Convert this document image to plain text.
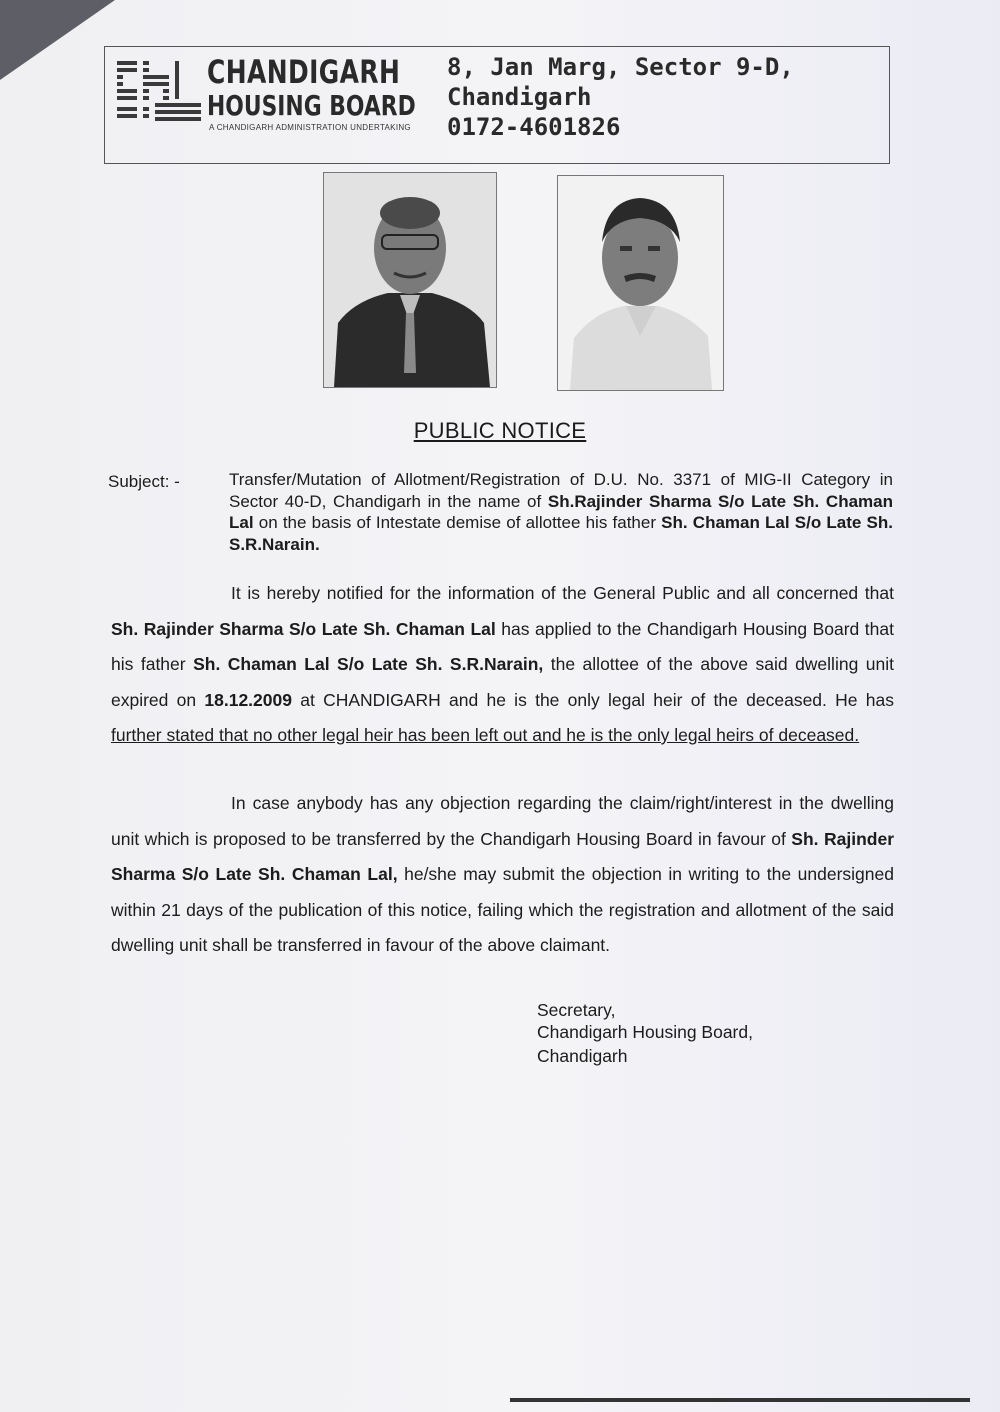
CHANDIGARH
HOUSING BOARD
A CHANDIGARH ADMINISTRATION UNDERTAKING
8, Jan Marg, Sector 9-D,
Chandigarh
0172-4601826
PUBLIC NOTICE
Subject: -	Transfer/Mutation of Allotment/Registration of D.U. No. 3371 of MIG-II Category in Sector 40-D, Chandigarh in the name of Sh.Rajinder Sharma S/o Late Sh. Chaman Lal on the basis of Intestate demise of allottee his father Sh. Chaman Lal S/o Late Sh. S.R.Narain.
It is hereby notified for the information of the General Public and all concerned that Sh. Rajinder Sharma S/o Late Sh. Chaman Lal has applied to the Chandigarh Housing Board that his father Sh. Chaman Lal S/o Late Sh. S.R.Narain, the allottee of the above said dwelling unit expired on 18.12.2009 at CHANDIGARH and he is the only legal heir of the deceased. He has further stated that no other legal heir has been left out and he is the only legal heirs of deceased.
In case anybody has any objection regarding the claim/right/interest in the dwelling unit which is proposed to be transferred by the Chandigarh Housing Board in favour of Sh. Rajinder Sharma S/o Late Sh. Chaman Lal, he/she may submit the objection in writing to the undersigned within 21 days of the publication of this notice, failing which the registration and allotment of the said dwelling unit shall be transferred in favour of the above claimant.
Secretary,
Chandigarh Housing Board,
Chandigarh
